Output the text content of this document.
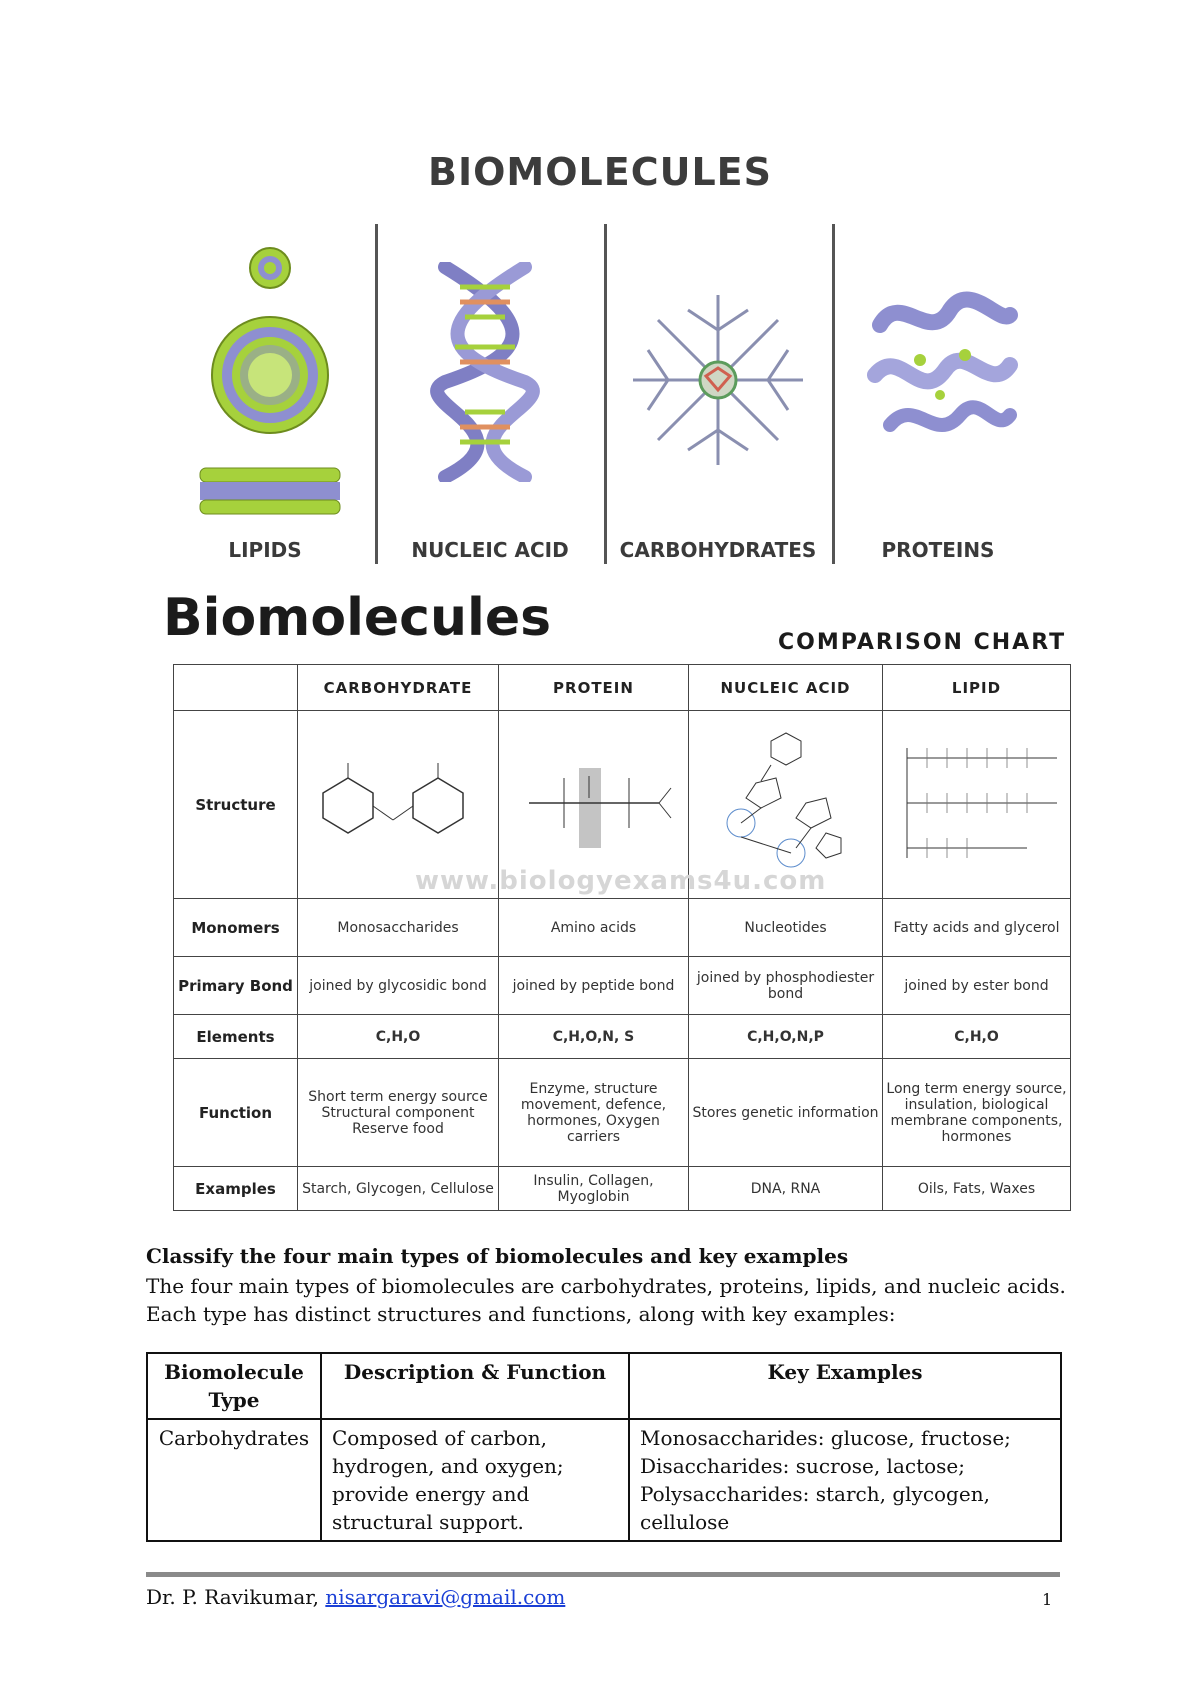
BIOMOLECULES
LIPIDS	NUCLEIC ACID	CARBOHYDRATES	PROTEINS
Biomolecules	COMPARISON CHART
	CARBOHYDRATE	PROTEIN	NUCLEIC ACID	LIPID
Structure				
Monomers	Monosaccharides	Amino acids	Nucleotides	Fatty acids and glycerol
Primary Bond	joined by glycosidic bond	joined by peptide bond	joined by phosphodiester bond	joined by ester bond
Elements	C,H,O	C,H,O,N, S	C,H,O,N,P	C,H,O
Function	Short term energy source Structural component Reserve food	Enzyme, structure movement, defence, hormones, Oxygen carriers	Stores genetic information	Long term energy source, insulation, biological membrane components, hormones
Examples	Starch, Glycogen, Cellulose	Insulin, Collagen, Myoglobin	DNA, RNA	Oils, Fats, Waxes
www.biologyexams4u.com
Classify the four main types of biomolecules and key examples
The four main types of biomolecules are carbohydrates, proteins, lipids, and nucleic acids. Each type has distinct structures and functions, along with key examples:
Biomolecule Type	Description & Function	Key Examples
Carbohydrates	Composed of carbon, hydrogen, and oxygen; provide energy and structural support.	Monosaccharides: glucose, fructose; Disaccharides: sucrose, lactose; Polysaccharides: starch, glycogen, cellulose
Dr. P. Ravikumar, nisargaravi@gmail.com	1
